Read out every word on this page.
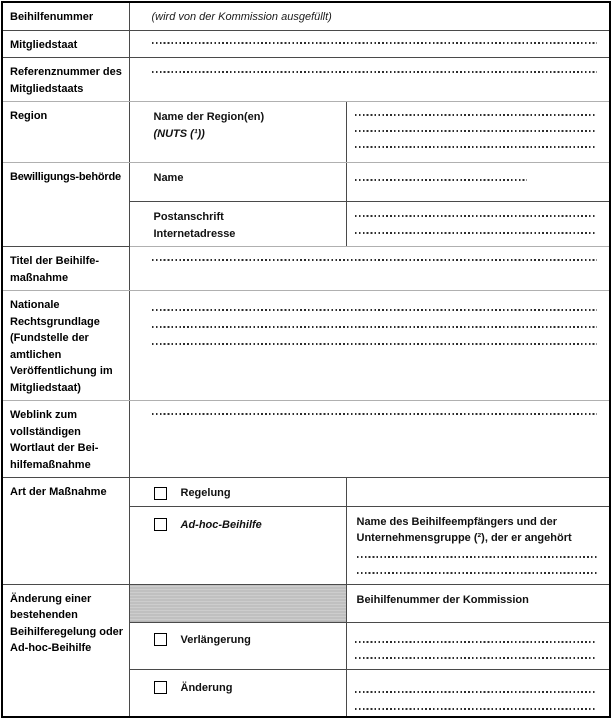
Beihilfenummer	(wird von der Kommission ausgefüllt)	
Mitgliedstaat		

Referenznummer des Mitgliedstaats		

Region	Name der Region(en)
(NUTS (¹))	

Bewilligungs-behörde	Name	

	Postanschrift
Internetadresse	

Titel der Beihilfe-maßnahme		

Nationale Rechtsgrundlage (Fundstelle der amtlichen Veröffentlichung im Mitgliedstaat)		

Weblink zum vollständigen Wortlaut der Bei-hilfemaßnahme		

Art der Maßnahme	Regelung	

	Ad-hoc-Beihilfe	Name des Beihilfeempfängers und der Unternehmensgruppe (²), der er angehört

Änderung einer bestehenden Beihilferegelung oder Ad-hoc-Beihilfe		Beihilfenummer der Kommission

	Verlängerung	

	Änderung	
